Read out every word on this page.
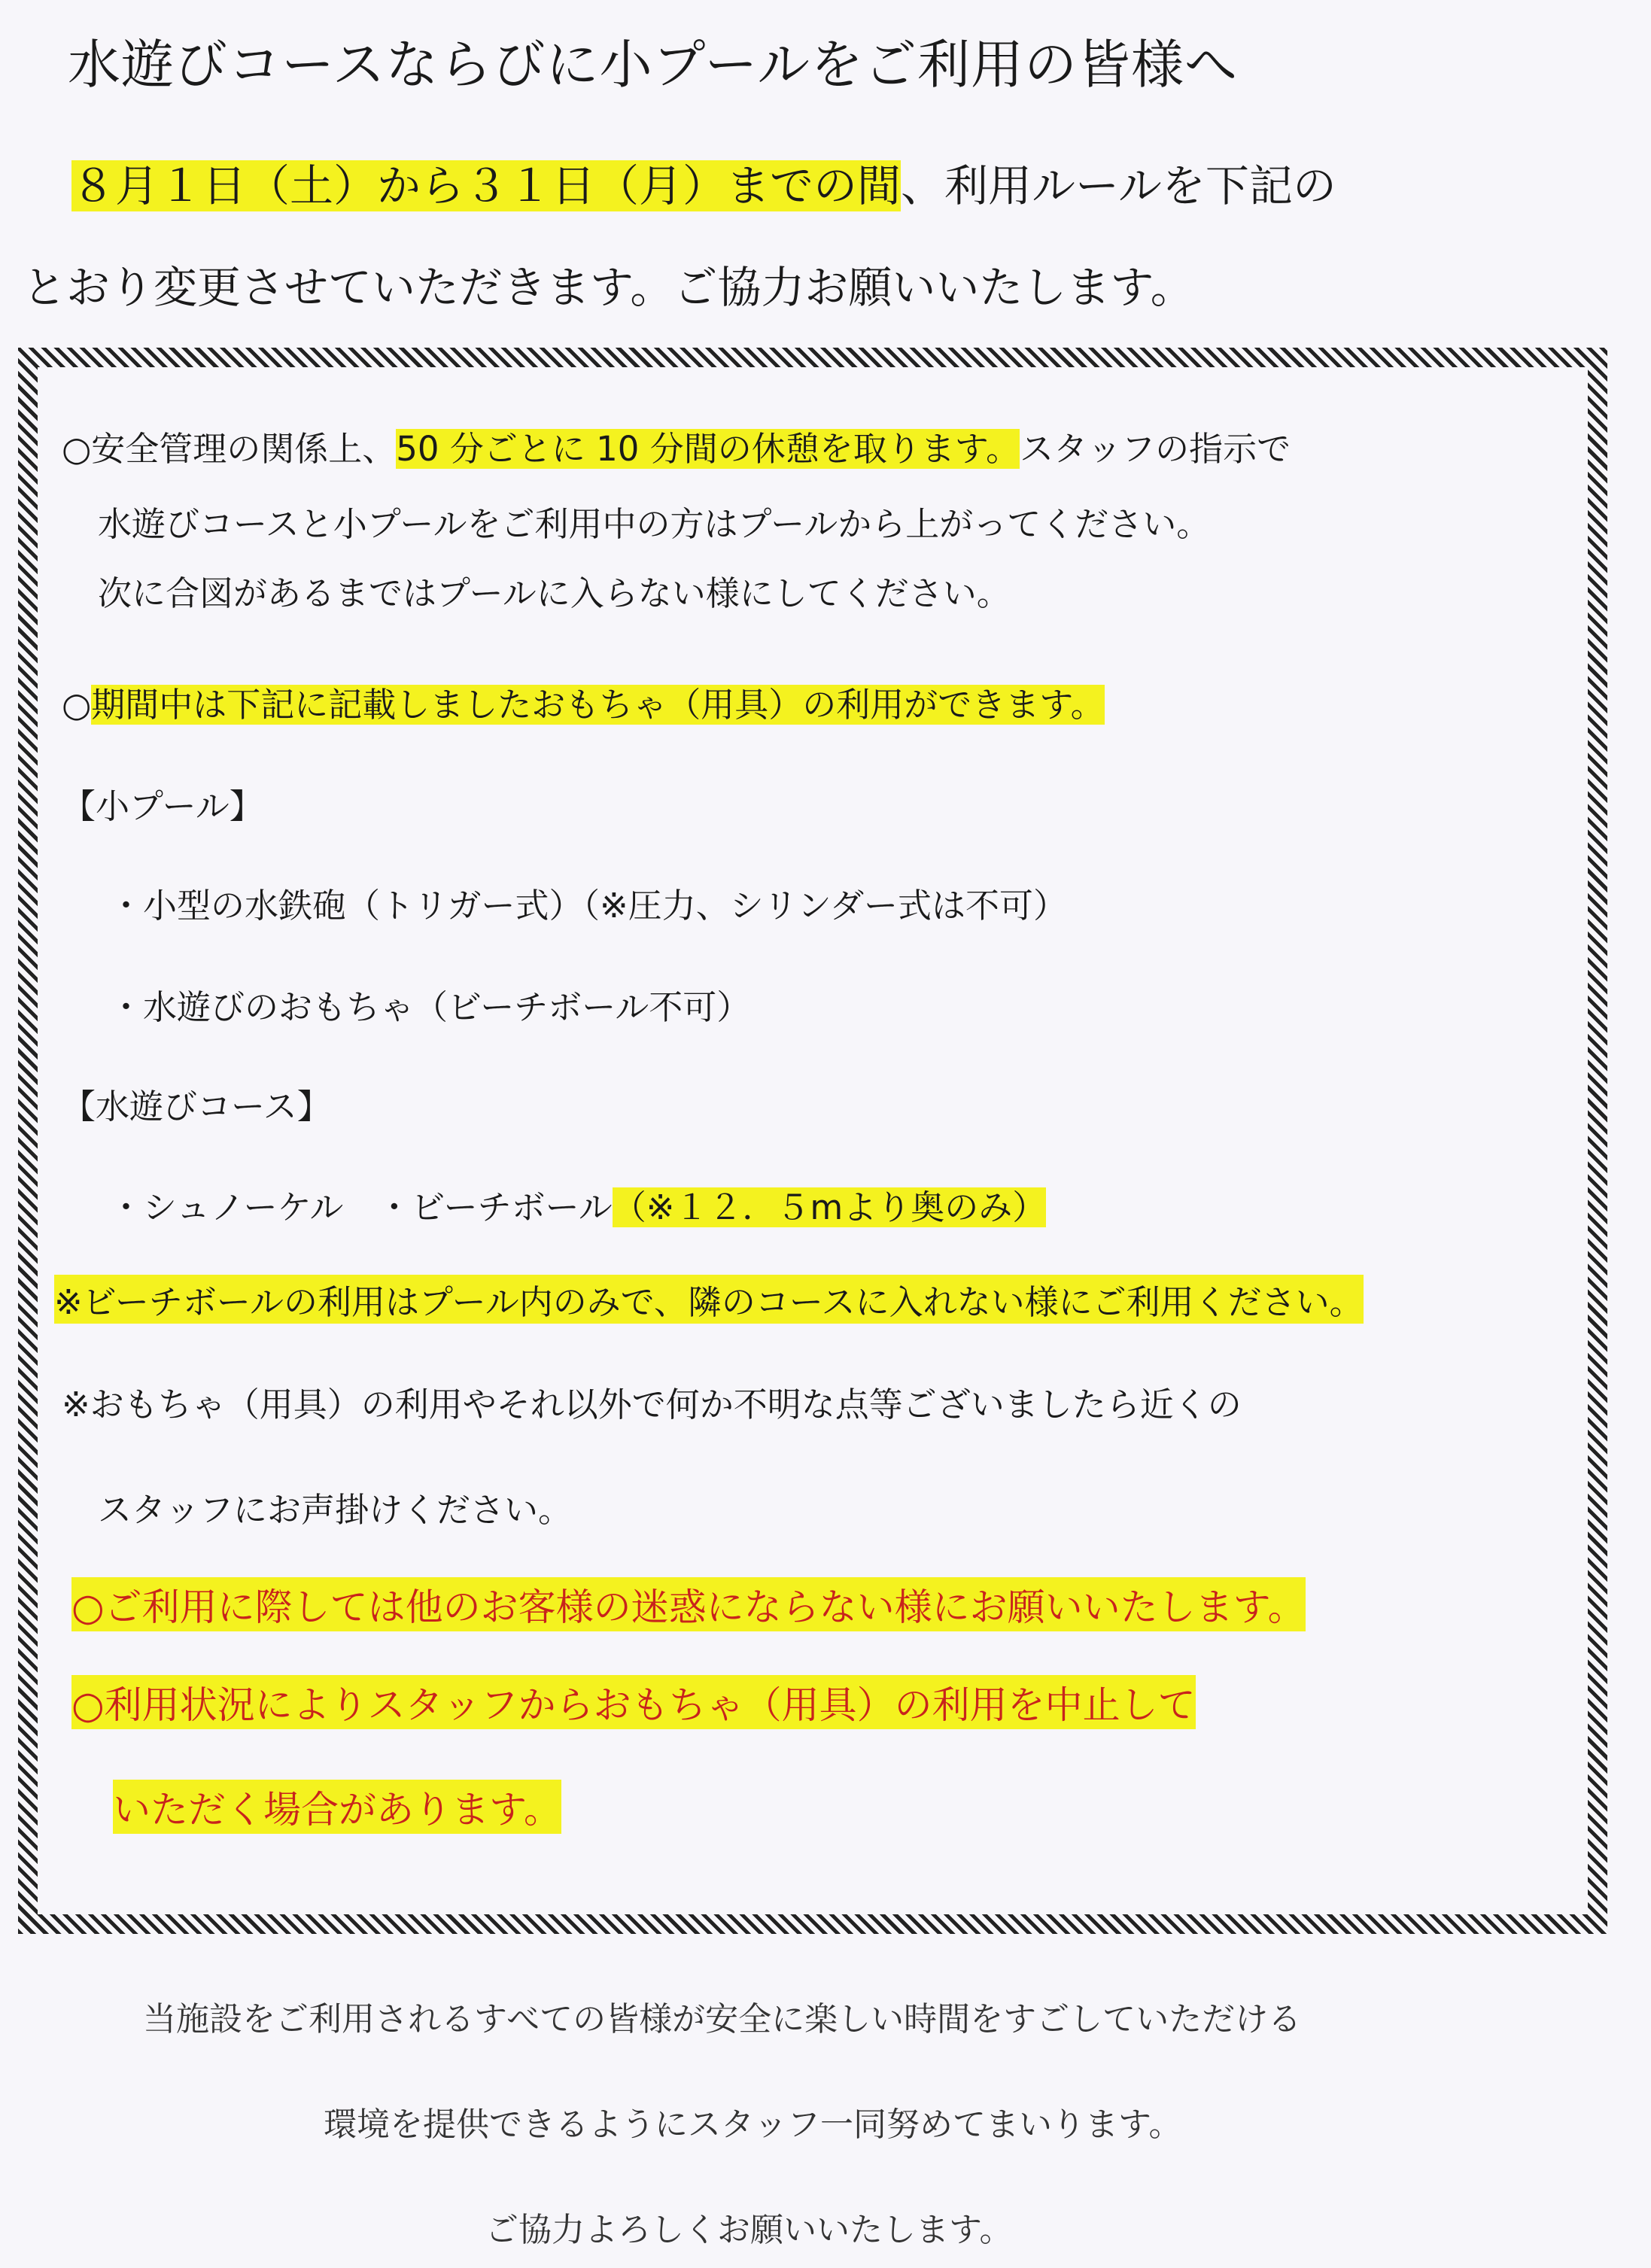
水遊びコースならびに小プールをご利用の皆様へ
８月１日（土）から３１日（月）までの間、利用ルールを下記の
とおり変更させていただきます。ご協力お願いいたします。
○安全管理の関係上、50 分ごとに 10 分間の休憩を取ります。スタッフの指示で
水遊びコースと小プールをご利用中の方はプールから上がってください。
次に合図があるまではプールに入らない様にしてください。
○期間中は下記に記載しましたおもちゃ（用具）の利用ができます。
【小プール】
・小型の水鉄砲（トリガー式）（※圧力、シリンダー式は不可）
・水遊びのおもちゃ（ビーチボール不可）
【水遊びコース】
・シュノーケル　・ビーチボール（※１２．５mより奥のみ）
※ビーチボールの利用はプール内のみで、隣のコースに入れない様にご利用ください。
※おもちゃ（用具）の利用やそれ以外で何か不明な点等ございましたら近くの
スタッフにお声掛けください。
○ご利用に際しては他のお客様の迷惑にならない様にお願いいたします。
○利用状況によりスタッフからおもちゃ（用具）の利用を中止して
いただく場合があります。
当施設をご利用されるすべての皆様が安全に楽しい時間をすごしていただける
環境を提供できるようにスタッフ一同努めてまいります。
ご協力よろしくお願いいたします。
